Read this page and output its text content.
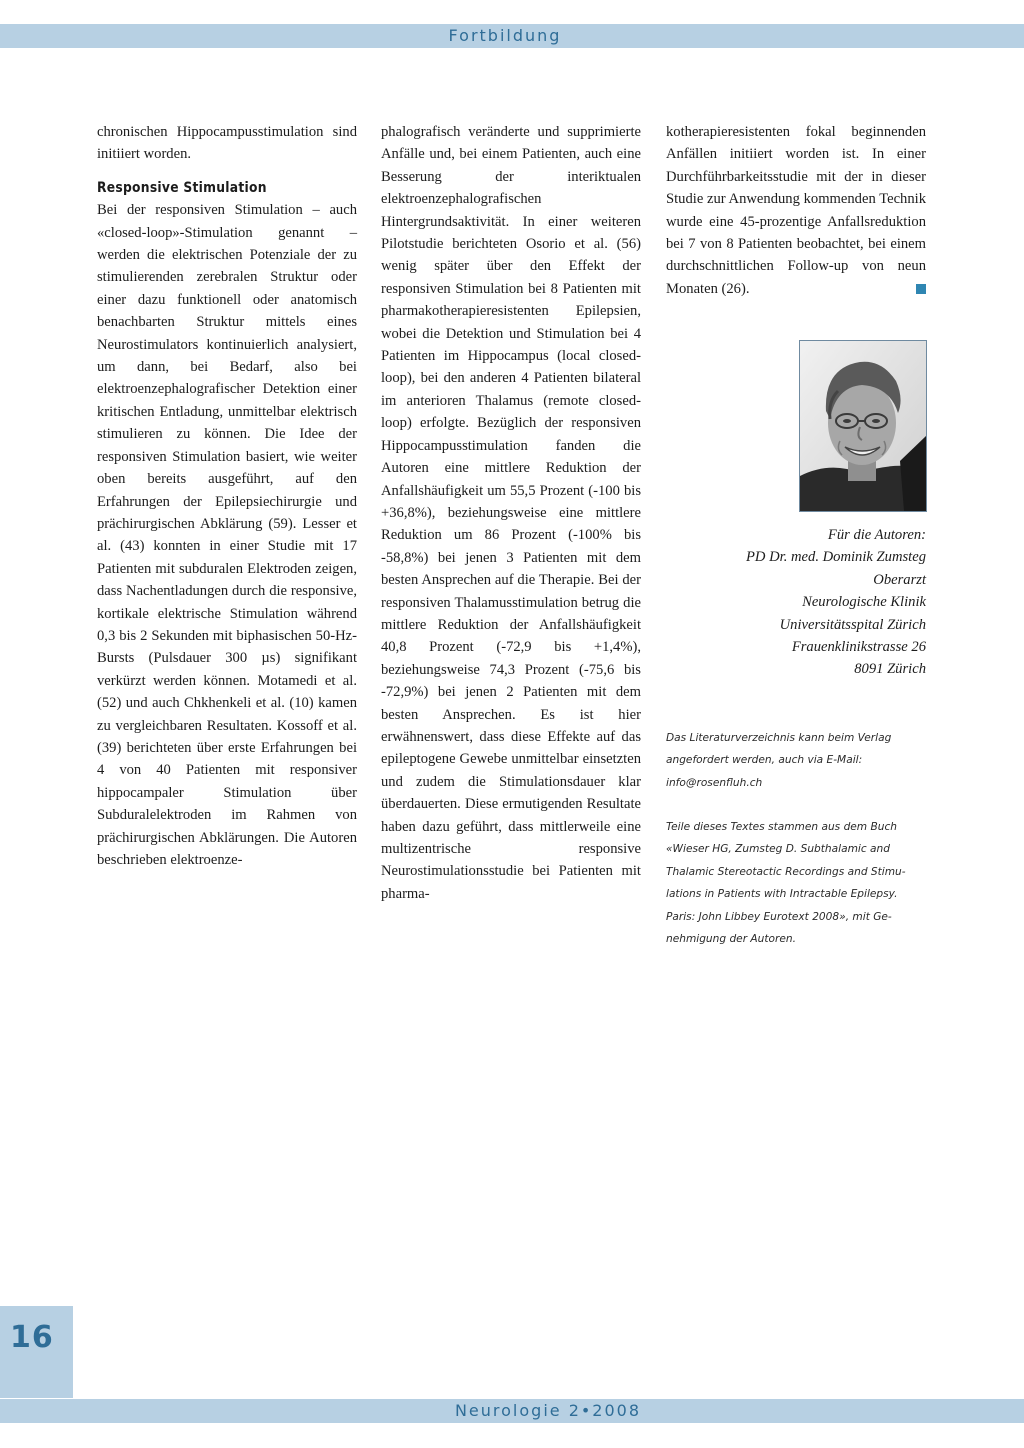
Fortbildung

chronischen Hippocampusstimulation sind initiiert worden.

Responsive Stimulation

Bei der responsiven Stimulation – auch «closed-loop»-Stimulation genannt – werden die elektrischen Potenziale der zu stimulierenden zerebralen Struktur oder einer dazu funktionell oder anatomisch benachbarten Struktur mittels eines Neurostimulators kontinuierlich analysiert, um dann, bei Bedarf, also bei elektroenzephalografischer Detektion einer kritischen Entladung, unmittelbar elektrisch stimulieren zu können. Die Idee der responsiven Stimulation basiert, wie weiter oben bereits ausgeführt, auf den Erfahrungen der Epilepsiechirurgie und prächirurgischen Abklärung (59). Lesser et al. (43) konnten in einer Studie mit 17 Patienten mit subduralen Elektroden zeigen, dass Nachentladungen durch die responsive, kortikale elektrische Stimulation während 0,3 bis 2 Sekunden mit biphasischen 50-Hz-Bursts (Pulsdauer 300 µs) signifikant verkürzt werden können. Motamedi et al. (52) und auch Chkhenkeli et al. (10) kamen zu vergleichbaren Resultaten. Kossoff et al. (39) berichteten über erste Erfahrungen bei 4 von 40 Patienten mit responsiver hippocampaler Stimulation über Subduralelektroden im Rahmen von prächirurgischen Abklärungen. Die Autoren beschrieben elektroenze-

phalografisch veränderte und supprimierte Anfälle und, bei einem Patienten, auch eine Besserung der interiktualen elektroenzephalografischen Hintergrundsaktivität. In einer weiteren Pilotstudie berichteten Osorio et al. (56) wenig später über den Effekt der responsiven Stimulation bei 8 Patienten mit pharmakotherapieresistenten Epilepsien, wobei die Detektion und Stimulation bei 4 Patienten im Hippocampus (local closed-loop), bei den anderen 4 Patienten bilateral im anterioren Thalamus (remote closed-loop) erfolgte. Bezüglich der responsiven Hippocampusstimulation fanden die Autoren eine mittlere Reduktion der Anfallshäufigkeit um 55,5 Prozent (-100 bis +36,8%), beziehungsweise eine mittlere Reduktion um 86 Prozent (-100% bis -58,8%) bei jenen 3 Patienten mit dem besten Ansprechen auf die Therapie. Bei der responsiven Thalamusstimulation betrug die mittlere Reduktion der Anfallshäufigkeit 40,8 Prozent (-72,9 bis +1,4%), beziehungsweise 74,3 Prozent (-75,6 bis -72,9%) bei jenen 2 Patienten mit dem besten Ansprechen. Es ist hier erwähnenswert, dass diese Effekte auf das epileptogene Gewebe unmittelbar einsetzten und zudem die Stimulationsdauer klar überdauerten. Diese ermutigenden Resultate haben dazu geführt, dass mittlerweile eine multizentrische responsive Neurostimulationsstudie bei Patienten mit pharma-

kotherapieresistenten fokal beginnenden Anfällen initiiert worden ist. In einer Durchführbarkeitsstudie mit der in dieser Studie zur Anwendung kommenden Technik wurde eine 45-prozentige Anfallsreduktion bei 7 von 8 Patienten beobachtet, bei einem durchschnittlichen Follow-up von neun Monaten (26).

Für die Autoren:
PD Dr. med. Dominik Zumsteg
Oberarzt
Neurologische Klinik
Universitätsspital Zürich
Frauenklinikstrasse 26
8091 Zürich
Das Literaturverzeichnis kann beim Verlag
angefordert werden, auch via E-Mail:
info@rosenfluh.ch
Teile dieses Textes stammen aus dem Buch
«Wieser HG, Zumsteg D. Subthalamic and
Thalamic Stereotactic Recordings and Stimu-
lations in Patients with Intractable Epilepsy.
Paris: John Libbey Eurotext 2008», mit Ge-
nehmigung der Autoren.
16
Neurologie 2•2008
